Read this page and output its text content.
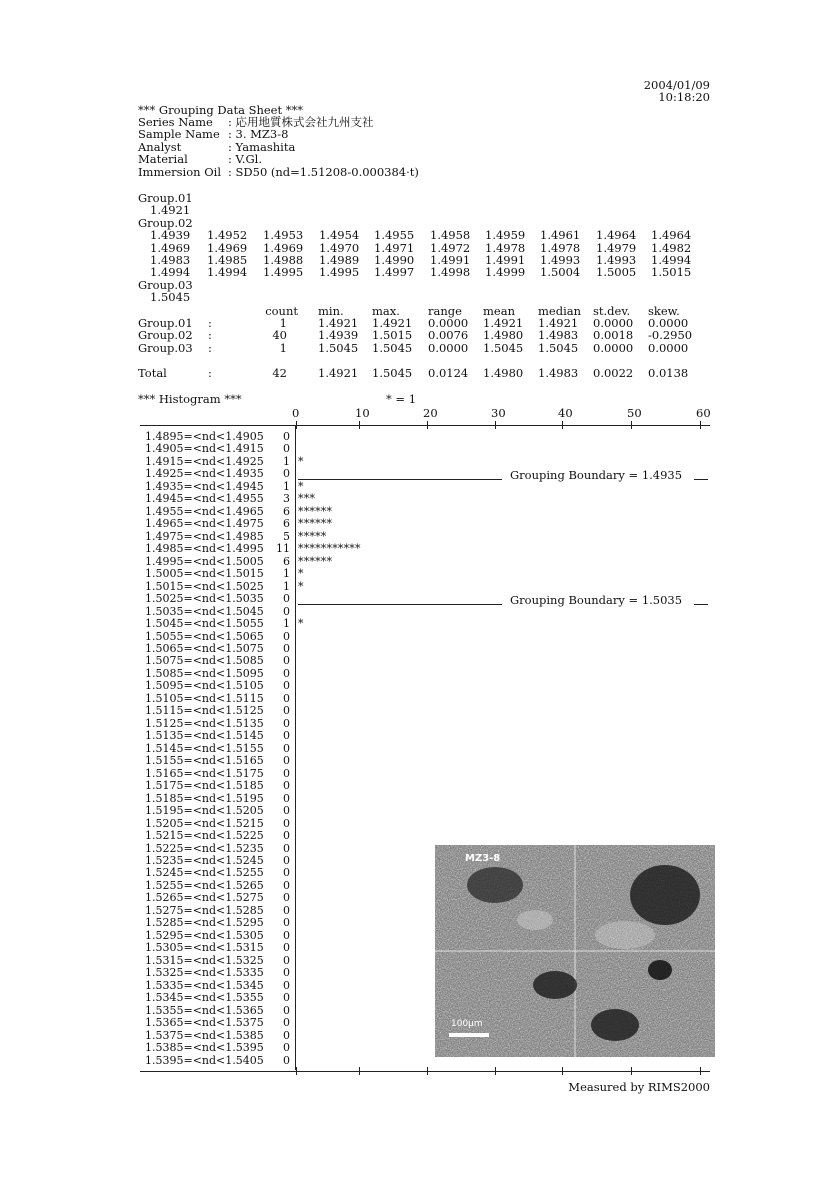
2004/01/09
10:18:20
*** Grouping Data Sheet ***
Series Name : 応用地質株式会社九州支社
Sample Name : 3. MZ3-8
Analyst	: Yamashita
Material	: V.Gl.
Immersion Oil : SD50 (nd=1.51208-0.000384·t)
Group.01
1.4921
Group.02
1.4939 1.4952 1.4953 1.4954 1.4955 1.4958 1.4959 1.4961 1.4964 1.4964
1.4969 1.4969 1.4969 1.4970 1.4971 1.4972 1.4978 1.4978 1.4979 1.4982
1.4983 1.4985 1.4988 1.4989 1.4990 1.4991 1.4991 1.4993 1.4993 1.4994
1.4994 1.4994 1.4995 1.4995 1.4997 1.4998 1.4999 1.5004 1.5005 1.5015
Group.03
1.5045
count min. max. range mean median st.dev. skew.
Group.01 :	1	1.4921 1.4921 0.0000 1.4921 1.4921 0.0000 0.0000
Group.02 :	40	1.4939 1.5015 0.0076 1.4980 1.4983 0.0018 -0.2950
Group.03 :	1	1.5045 1.5045 0.0000 1.5045 1.5045 0.0000 0.0000
Total	:	42	1.4921 1.5045 0.0124 1.4980 1.4983 0.0022 0.0138
*** Histogram ***	* = 1
0	10	20	30	40	50	60
1.4895=<nd<1.4905	0
1.4905=<nd<1.4915	0
1.4915=<nd<1.4925	1 *
1.4925=<nd<1.4935	0
1.4935=<nd<1.4945	1 *
1.4945=<nd<1.4955	3 ***
1.4955=<nd<1.4965	6 ******
1.4965=<nd<1.4975	6 ******
1.4975=<nd<1.4985	5 *****
1.4985=<nd<1.4995	11 ***********
1.4995=<nd<1.5005	6 ******
1.5005=<nd<1.5015	1 *
1.5015=<nd<1.5025	1 *
1.5025=<nd<1.5035	0
1.5035=<nd<1.5045	0
1.5045=<nd<1.5055	1 *
1.5055=<nd<1.5065	0
1.5065=<nd<1.5075	0
1.5075=<nd<1.5085	0
1.5085=<nd<1.5095	0
1.5095=<nd<1.5105	0
1.5105=<nd<1.5115	0
1.5115=<nd<1.5125	0
1.5125=<nd<1.5135	0
1.5135=<nd<1.5145	0
1.5145=<nd<1.5155	0
1.5155=<nd<1.5165	0
1.5165=<nd<1.5175	0
1.5175=<nd<1.5185	0
1.5185=<nd<1.5195	0
1.5195=<nd<1.5205	0
1.5205=<nd<1.5215	0
1.5215=<nd<1.5225	0
1.5225=<nd<1.5235	0
1.5235=<nd<1.5245	0
1.5245=<nd<1.5255	0
1.5255=<nd<1.5265	0
1.5265=<nd<1.5275	0
1.5275=<nd<1.5285	0
1.5285=<nd<1.5295	0
1.5295=<nd<1.5305	0
1.5305=<nd<1.5315	0
1.5315=<nd<1.5325	0
1.5325=<nd<1.5335	0
1.5335=<nd<1.5345	0
1.5345=<nd<1.5355	0
1.5355=<nd<1.5365	0
1.5365=<nd<1.5375	0
1.5375=<nd<1.5385	0
1.5385=<nd<1.5395	0
1.5395=<nd<1.5405	0
MZ3-8
100μm
Measured by RIMS2000
Grouping Boundary = 1.4935
Grouping Boundary = 1.5035
